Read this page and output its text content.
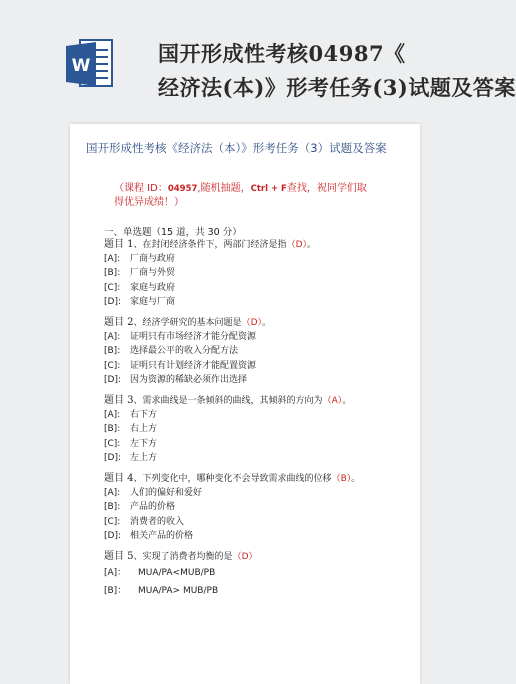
W	国开形成性考核04987《
经济法(本)》形考任务(3)试题及答案
国开形成性考核《经济法（本）》形考任务（3）试题及答案
（课程 ID：04957,随机抽题，Ctrl + F查找，祝同学们取得优异成绩！）
一、单选题（15 道，共 30 分）
题目 1、在封闭经济条件下，两部门经济是指（D）。
[A]: 厂商与政府
[B]: 厂商与外贸
[C]: 家庭与政府
[D]: 家庭与厂商
题目 2、经济学研究的基本问题是（D）。
[A]: 证明只有市场经济才能分配资源
[B]: 选择最公平的收入分配方法
[C]: 证明只有计划经济才能配置资源
[D]: 因为资源的稀缺必须作出选择
题目 3、需求曲线是一条倾斜的曲线，其倾斜的方向为（A）。
[A]: 右下方
[B]: 右上方
[C]: 左下方
[D]: 左上方
题目 4、下列变化中，哪种变化不会导致需求曲线的位移（B）。
[A]: 人们的偏好和爱好
[B]: 产品的价格
[C]: 消费者的收入
[D]: 相关产品的价格
题目 5、实现了消费者均衡的是（D）
[A]： MUA/PA<MUB/PB
[B]： MUA/PA> MUB/PB
